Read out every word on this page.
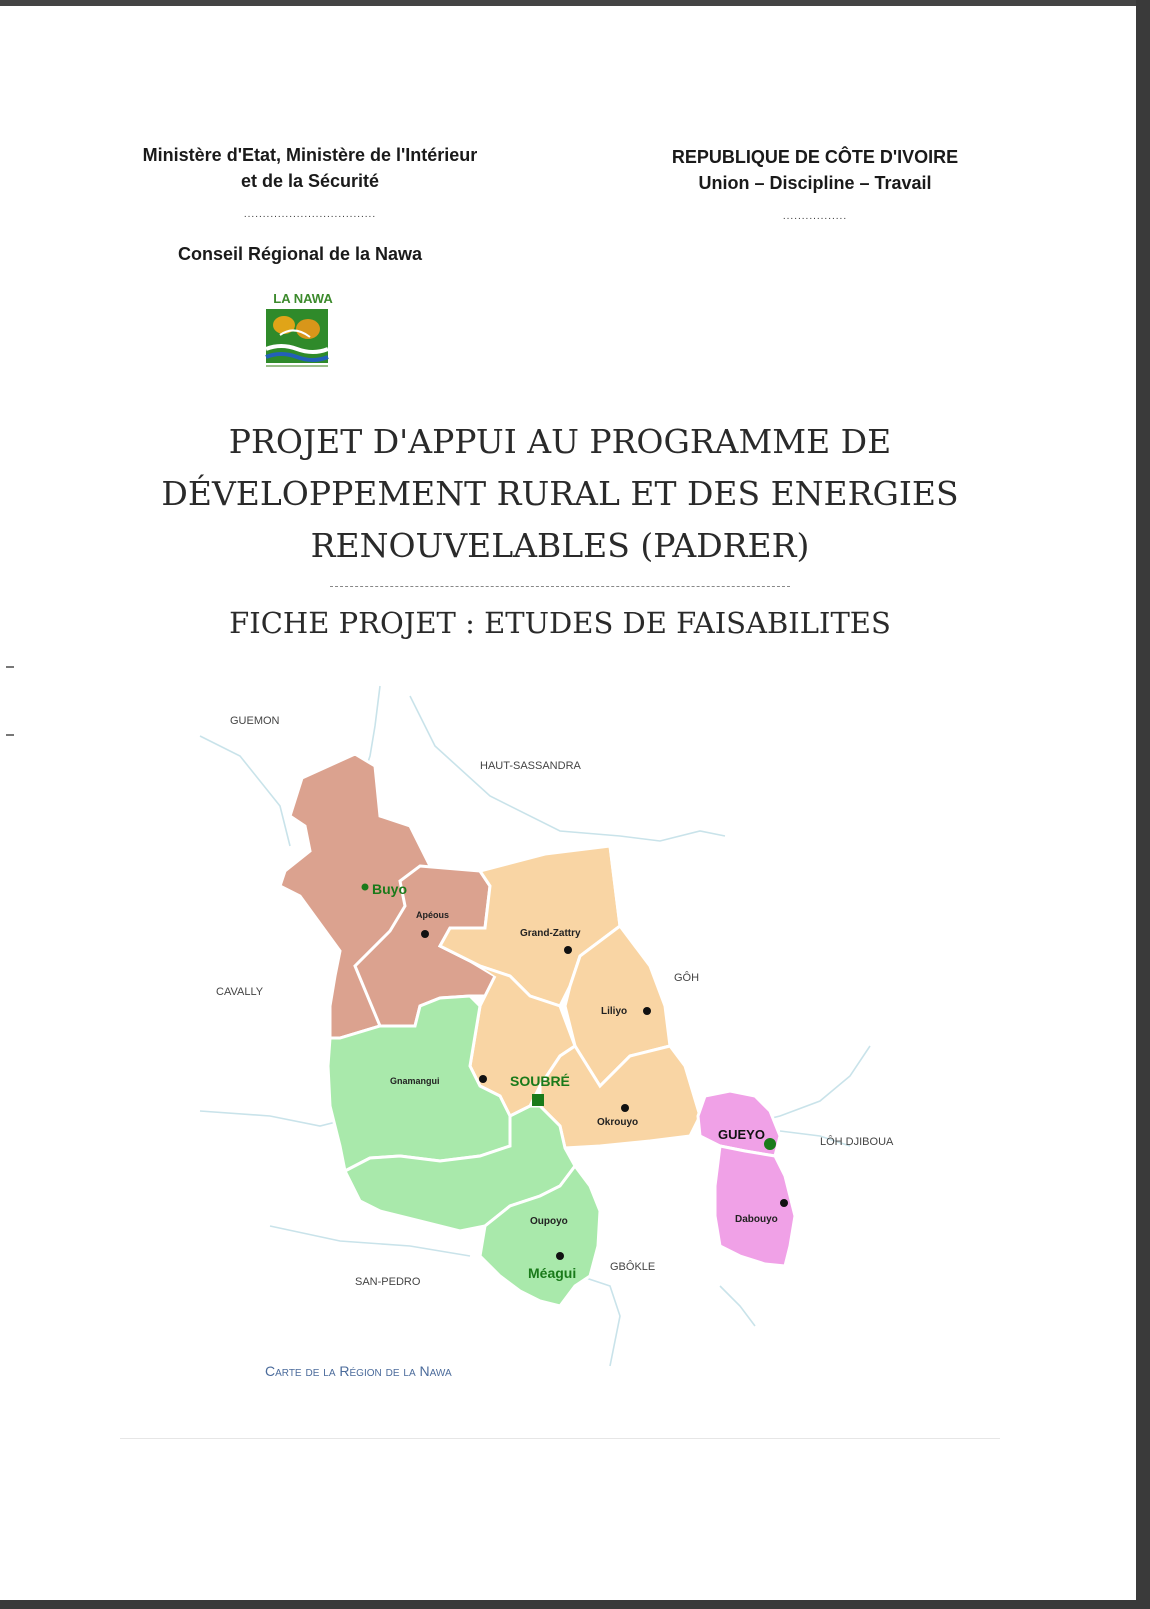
Ministère d'Etat, Ministère de l'Intérieur
et de la Sécurité
...................................
REPUBLIQUE DE CÔTE D'IVOIRE
Union – Discipline – Travail
.................
Conseil Régional de la Nawa
LA NAWA
PROJET D'APPUI AU PROGRAMME DE
DÉVELOPPEMENT RURAL ET DES ENERGIES
RENOUVELABLES (PADRER)
FICHE PROJET : ETUDES DE FAISABILITES
Buyo
Apéous
Grand-Zattry
Liliyo
Gnamangui	SOUBRÉ
Okrouyo
GUEYO
Dabouyo
Oupoyo
Méagui
GUEMON
HAUT-SASSANDRA
CAVALLY
GÔH
LÔH DJIBOUA
SAN-PEDRO
GBÔKLE
Carte de la Région de la Nawa
